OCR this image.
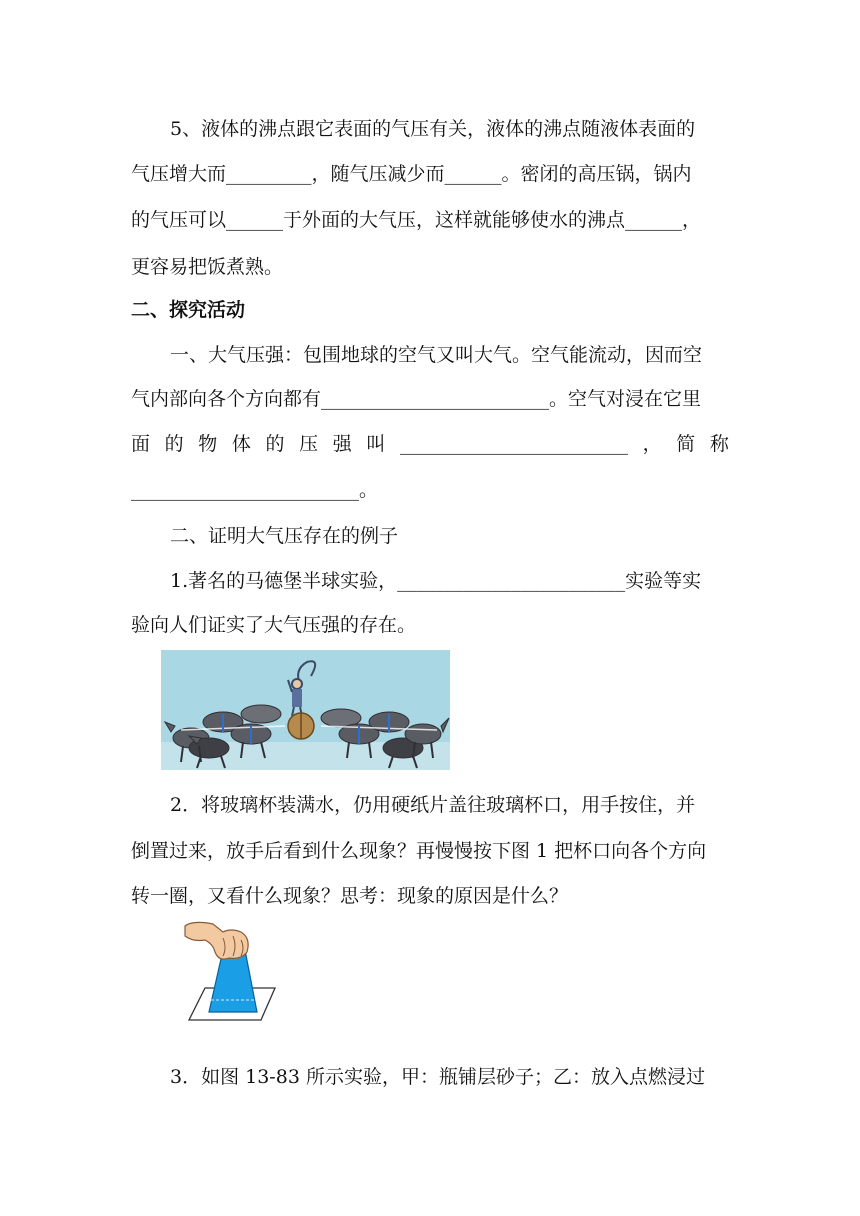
5、液体的沸点跟它表面的气压有关，液体的沸点随液体表面的
气压增大而_________，随气压减少而______。密闭的高压锅，锅内
的气压可以______于外面的大气压，这样就能够使水的沸点______，
更容易把饭煮熟。
二、探究活动
一、大气压强：包围地球的空气又叫大气。空气能流动，因而空
气内部向各个方向都有________________________。空气对浸在它里
面 的 物 体 的 压 强 叫 ________________________ ， 简 称
________________________。
二、证明大气压存在的例子
1.著名的马德堡半球实验，________________________实验等实
验向人们证实了大气压强的存在。
2．将玻璃杯装满水，仍用硬纸片盖往玻璃杯口，用手按住，并
倒置过来，放手后看到什么现象？再慢慢按下图 1 把杯口向各个方向
转一圈，又看什么现象？思考：现象的原因是什么？
3．如图 13-83 所示实验，甲：瓶铺层砂子；乙：放入点燃浸过
